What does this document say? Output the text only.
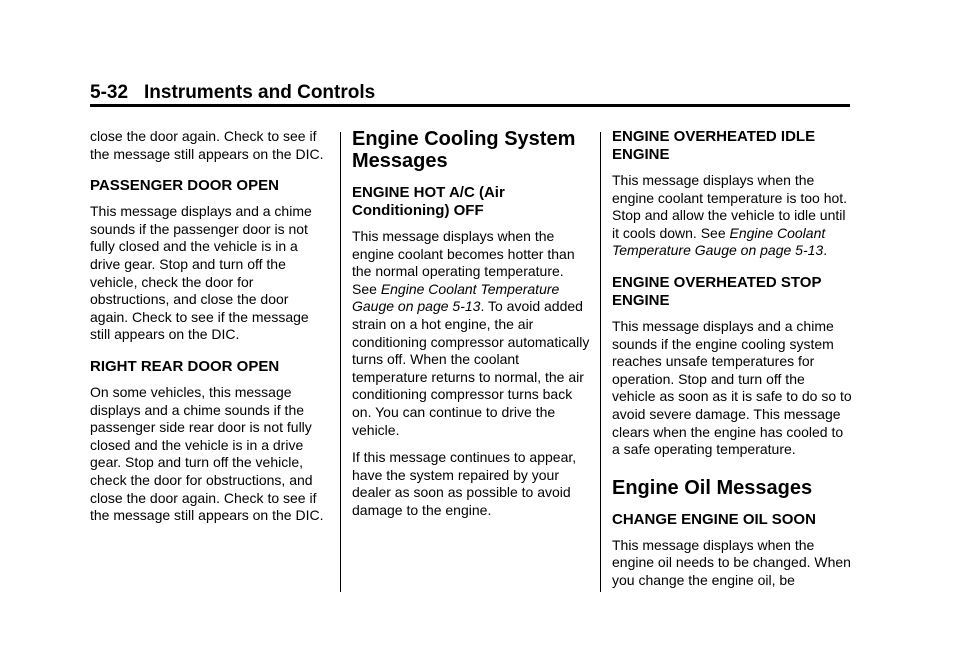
5-32 Instruments and Controls

close the door again. Check to see if the message still appears on the DIC.

PASSENGER DOOR OPEN

This message displays and a chime sounds if the passenger door is not fully closed and the vehicle is in a drive gear. Stop and turn off the vehicle, check the door for obstructions, and close the door again. Check to see if the message still appears on the DIC.

RIGHT REAR DOOR OPEN

On some vehicles, this message displays and a chime sounds if the passenger side rear door is not fully closed and the vehicle is in a drive gear. Stop and turn off the vehicle, check the door for obstructions, and close the door again. Check to see if the message still appears on the DIC.

Engine Cooling System Messages
ENGINE HOT A/C (Air Conditioning) OFF

This message displays when the engine coolant becomes hotter than the normal operating temperature. See Engine Coolant Temperature Gauge on page 5-13. To avoid added strain on a hot engine, the air conditioning compressor automatically turns off. When the coolant temperature returns to normal, the air conditioning compressor turns back on. You can continue to drive the vehicle.

If this message continues to appear, have the system repaired by your dealer as soon as possible to avoid damage to the engine.

ENGINE OVERHEATED IDLE ENGINE

This message displays when the engine coolant temperature is too hot. Stop and allow the vehicle to idle until it cools down. See Engine Coolant Temperature Gauge on page 5-13.

ENGINE OVERHEATED STOP ENGINE

This message displays and a chime sounds if the engine cooling system reaches unsafe temperatures for operation. Stop and turn off the vehicle as soon as it is safe to do so to avoid severe damage. This message clears when the engine has cooled to a safe operating temperature.

Engine Oil Messages
CHANGE ENGINE OIL SOON

This message displays when the engine oil needs to be changed. When you change the engine oil, be
